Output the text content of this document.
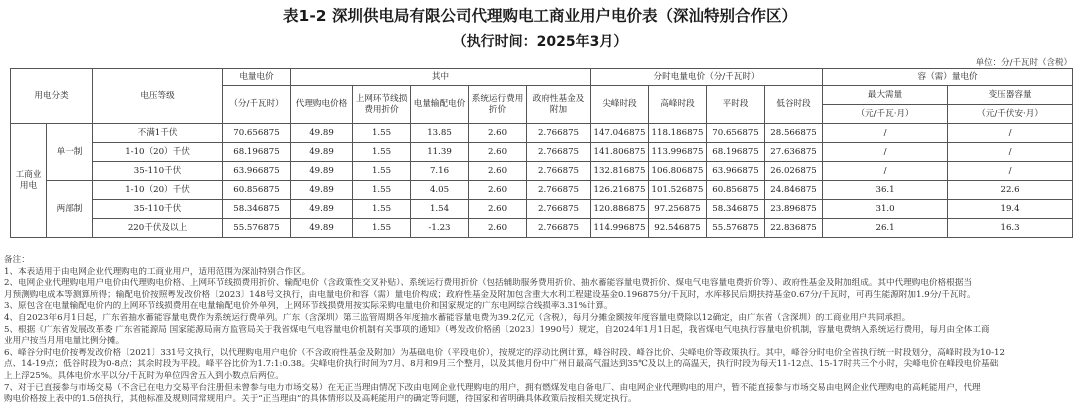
表1-2 深圳供电局有限公司代理购电工商业用户电价表（深汕特别合作区）
（执行时间：2025年3月）
单位：分/千瓦时（含税）
用电分类		电压等级	电量电价	其中					分时电量电价（分/千瓦时）				容（需）量电价	
			（分/千瓦时）	代理购电价格	上网环节线损费用折价	电量输配电价	系统运行费用折价	政府性基金及附加	尖峰时段	高峰时段	平时段	低谷时段	最大需量	变压器容量
													（元/千瓦·月）	（元/千伏安·月）
工商业用电	单一制	不满1千伏	70.656875	49.89	1.55	13.85	2.60	2.766875	147.046875	118.186875	70.656875	28.566875	/	/
		1-10（20）千伏	68.196875	49.89	1.55	11.39	2.60	2.766875	141.806875	113.996875	68.196875	27.636875	/	/
		35-110千伏	63.966875	49.89	1.55	7.16	2.60	2.766875	132.816875	106.806875	63.966875	26.026875	/	/
	两部制	1-10（20）千伏	60.856875	49.89	1.55	4.05	2.60	2.766875	126.216875	101.526875	60.856875	24.846875	36.1	22.6
		35-110千伏	58.346875	49.89	1.55	1.54	2.60	2.766875	120.886875	97.256875	58.346875	23.896875	31.0	19.4
		220千伏及以上	55.576875	49.89	1.55	-1.23	2.60	2.766875	114.996875	92.546875	55.576875	22.836875	26.1	16.3
备注：
1、本表适用于由电网企业代理购电的工商业用户，适用范围为深汕特别合作区。
2、电网企业代理购电用户电价由代理购电价格、上网环节线损费用折价、输配电价（含政策性交叉补贴）、系统运行费用折价（包括辅助服务费用折价、抽水蓄能容量电费折价、煤电气电容量电费折价等）、政府性基金及附加组成。其中代理购电价格根据当
月预测购电成本等测算所得；输配电价按照粤发改价格〔2023〕148号文执行，由电量电价和容（需）量电价构成；政府性基金及附加包含重大水利工程建设基金0.196875分/千瓦时，水库移民后期扶持基金0.67分/千瓦时，可再生能源附加1.9分/千瓦时。
3、原包含在电量输配电价内的上网环节线损费用在电量输配电价外单列，上网环节线损费用按实际采购电量电价和国家规定的广东电网综合线损率3.31%计算。
4、自2023年6月1日起，广东省抽水蓄能容量电费作为系统运行费单列。广东（含深圳）第三监管周期各年度抽水蓄能容量电费为39.2亿元（含税），每月分摊金额按年度容量电费除以12确定，由广东省（含深圳）的工商业用户共同承担。
5、根据《广东省发展改革委 广东省能源局 国家能源局南方监管局关于我省煤电气电容量电价机制有关事项的通知》（粤发改价格函〔2023〕1990号）规定，自2024年1月1日起，我省煤电气电执行容量电价机制，容量电费纳入系统运行费用，每月由全体工商
业用户按当月用电量比例分摊。
6、峰谷分时电价按粤发改价格〔2021〕331号文执行，以代理购电用户电价（不含政府性基金及附加）为基础电价（平段电价），按规定的浮动比例计算，峰谷时段、峰谷比价、尖峰电价等政策执行。其中，峰谷分时电价全省执行统一时段划分，高峰时段为10-12
点、14-19点；低谷时段为0-8点；其余时段为平段。峰平谷比价为1.7:1:0.38。尖峰电价执行时间为7月、8月和9月三个整月，以及其他月份中广州日最高气温达到35℃及以上的高温天，执行时段为每天11-12点、15-17时共三个小时，尖峰电价在峰段电价基础
上上浮25%。具体电价水平以分/千瓦时为单位四舍五入到小数点后两位。
7、对于已直接参与市场交易（不含已在电力交易平台注册但未曾参与电力市场交易）在无正当理由情况下改由电网企业代理购电的用户，拥有燃煤发电自备电厂、由电网企业代理购电的用户，暂不能直接参与市场交易由电网企业代理购电的高耗能用户，代理
购电价格按上表中的1.5倍执行，其他标准及规则同常规用户。关于“正当理由”的具体情形以及高耗能用户的确定等问题，待国家和省明确具体政策后按相关规定执行。
